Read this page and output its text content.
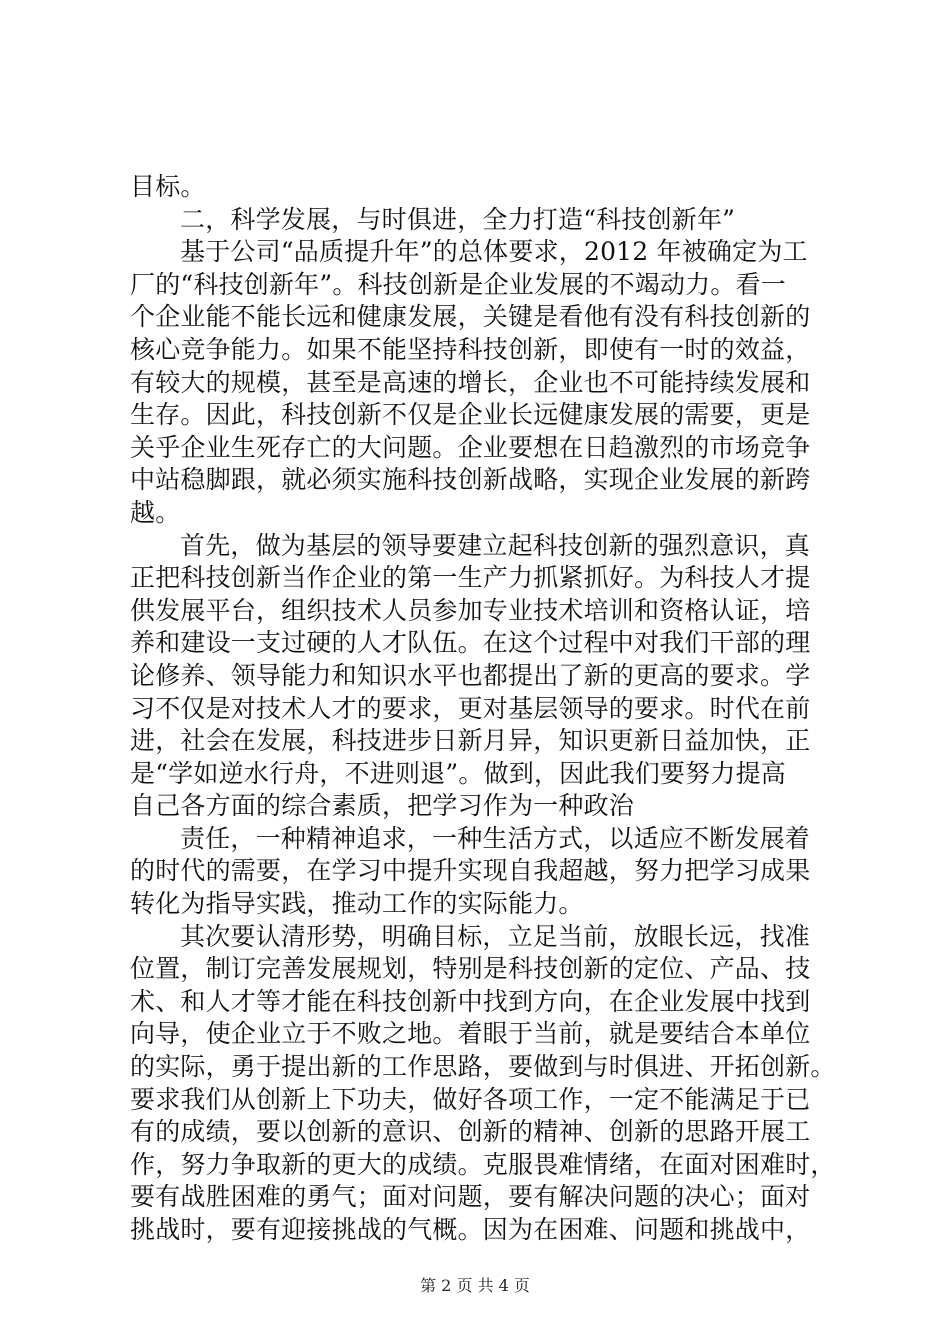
目标。
二，科学发展，与时俱进，全力打造“科技创新年”
基于公司“品质提升年”的总体要求，2012 年被确定为工
厂的“科技创新年”。科技创新是企业发展的不竭动力。看一
个企业能不能长远和健康发展，关键是看他有没有科技创新的
核心竞争能力。如果不能坚持科技创新，即使有一时的效益，
有较大的规模，甚至是高速的增长，企业也不可能持续发展和
生存。因此，科技创新不仅是企业长远健康发展的需要，更是
关乎企业生死存亡的大问题。企业要想在日趋激烈的市场竞争
中站稳脚跟，就必须实施科技创新战略，实现企业发展的新跨
越。
首先，做为基层的领导要建立起科技创新的强烈意识，真
正把科技创新当作企业的第一生产力抓紧抓好。为科技人才提
供发展平台，组织技术人员参加专业技术培训和资格认证，培
养和建设一支过硬的人才队伍。在这个过程中对我们干部的理
论修养、领导能力和知识水平也都提出了新的更高的要求。学
习不仅是对技术人才的要求，更对基层领导的要求。时代在前
进，社会在发展，科技进步日新月异，知识更新日益加快，正
是“学如逆水行舟，不进则退”。做到，因此我们要努力提高
自己各方面的综合素质，把学习作为一种政治
责任，一种精神追求，一种生活方式，以适应不断发展着
的时代的需要，在学习中提升实现自我超越，努力把学习成果
转化为指导实践，推动工作的实际能力。
其次要认清形势，明确目标，立足当前，放眼长远，找准
位置，制订完善发展规划，特别是科技创新的定位、产品、技
术、和人才等才能在科技创新中找到方向，在企业发展中找到
向导，使企业立于不败之地。着眼于当前，就是要结合本单位
的实际，勇于提出新的工作思路，要做到与时俱进、开拓创新。
要求我们从创新上下功夫，做好各项工作，一定不能满足于已
有的成绩，要以创新的意识、创新的精神、创新的思路开展工
作，努力争取新的更大的成绩。克服畏难情绪，在面对困难时，
要有战胜困难的勇气；面对问题，要有解决问题的决心；面对
挑战时，要有迎接挑战的气概。因为在困难、问题和挑战中，
第 2 页 共 4 页
